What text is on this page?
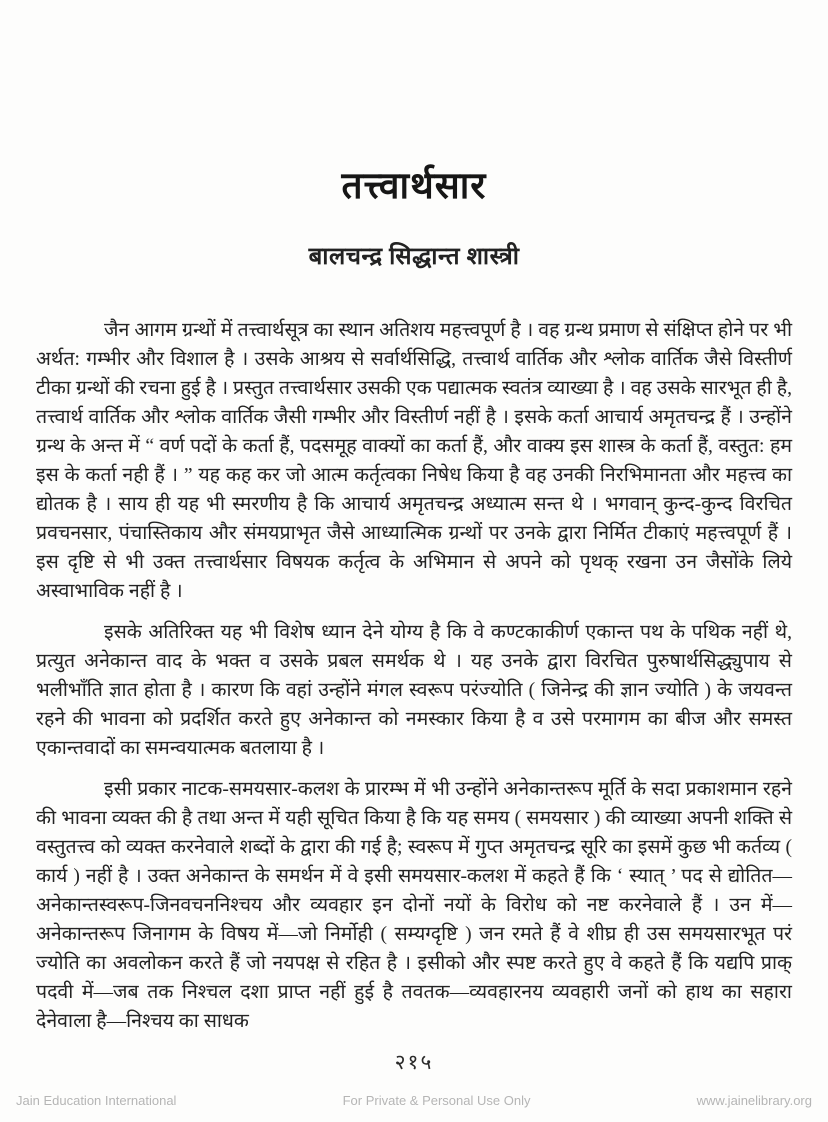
तत्त्वार्थसार
बालचन्द्र सिद्धान्त शास्त्री

जैन आगम ग्रन्थों में तत्त्वार्थसूत्र का स्थान अतिशय महत्त्वपूर्ण है । वह ग्रन्थ प्रमाण से संक्षिप्त होने पर भी अर्थत: गम्भीर और विशाल है । उसके आश्रय से सर्वार्थसिद्धि, तत्त्वार्थ वार्तिक और श्लोक वार्तिक जैसे विस्तीर्ण टीका ग्रन्थों की रचना हुई है । प्रस्तुत तत्त्वार्थसार उसकी एक पद्यात्मक स्वतंत्र व्याख्या है । वह उसके सारभूत ही है, तत्त्वार्थ वार्तिक और श्लोक वार्तिक जैसी गम्भीर और विस्तीर्ण नहीं है । इसके कर्ता आचार्य अमृतचन्द्र हैं । उन्होंने ग्रन्थ के अन्त में “ वर्ण पदों के कर्ता हैं, पदसमूह वाक्यों का कर्ता हैं, और वाक्य इस शास्त्र के कर्ता हैं, वस्तुत: हम इस के कर्ता नही हैं । ” यह कह कर जो आत्म कर्तृत्वका निषेध किया है वह उनकी निरभिमानता और महत्त्व का द्योतक है । साय ही यह भी स्मरणीय है कि आचार्य अमृतचन्द्र अध्यात्म सन्त थे । भगवान् कुन्द-कुन्द विरचित प्रवचनसार, पंचास्तिकाय और संमयप्राभृत जैसे आध्यात्मिक ग्रन्थों पर उनके द्वारा निर्मित टीकाएं महत्त्वपूर्ण हैं । इस दृष्टि से भी उक्त तत्त्वार्थसार विषयक कर्तृत्व के अभिमान से अपने को पृथक् रखना उन जैसोंके लिये अस्वाभाविक नहीं है ।

इसके अतिरिक्त यह भी विशेष ध्यान देने योग्य है कि वे कण्टकाकीर्ण एकान्त पथ के पथिक नहीं थे, प्रत्युत अनेकान्त वाद के भक्त व उसके प्रबल समर्थक थे । यह उनके द्वारा विरचित पुरुषार्थसिद्ध्युपाय से भलीभाँति ज्ञात होता है । कारण कि वहां उन्होंने मंगल स्वरूप परंज्योति ( जिनेन्द्र की ज्ञान ज्योति ) के जयवन्त रहने की भावना को प्रदर्शित करते हुए अनेकान्त को नमस्कार किया है व उसे परमागम का बीज और समस्त एकान्तवादों का समन्वयात्मक बतलाया है ।

इसी प्रकार नाटक-समयसार-कलश के प्रारम्भ में भी उन्होंने अनेकान्तरूप मूर्ति के सदा प्रकाशमान रहने की भावना व्यक्त की है तथा अन्त में यही सूचित किया है कि यह समय ( समयसार ) की व्याख्या अपनी शक्ति से वस्तुतत्त्व को व्यक्त करनेवाले शब्दों के द्वारा की गई है; स्वरूप में गुप्त अमृतचन्द्र सूरि का इसमें कुछ भी कर्तव्य ( कार्य ) नहीं है । उक्त अनेकान्त के समर्थन में वे इसी समयसार-कलश में कहते हैं कि ‘ स्यात् ’ पद से द्योतित—अनेकान्तस्वरूप-जिनवचननिश्चय और व्यवहार इन दोनों नयों के विरोध को नष्ट करनेवाले हैं । उन में—अनेकान्तरूप जिनागम के विषय में—जो निर्मोही ( सम्यग्दृष्टि ) जन रमते हैं वे शीघ्र ही उस समयसारभूत परं ज्योति का अवलोकन करते हैं जो नयपक्ष से रहित है । इसीको और स्पष्ट करते हुए वे कहते हैं कि यद्यपि प्राक् पदवी में—जब तक निश्चल दशा प्राप्त नहीं हुई है तवतक—व्यवहारनय व्यवहारी जनों को हाथ का सहारा देनेवाला है—निश्चय का साधक

२१५
Jain Education International	For Private & Personal Use Only	www.jainelibrary.org
